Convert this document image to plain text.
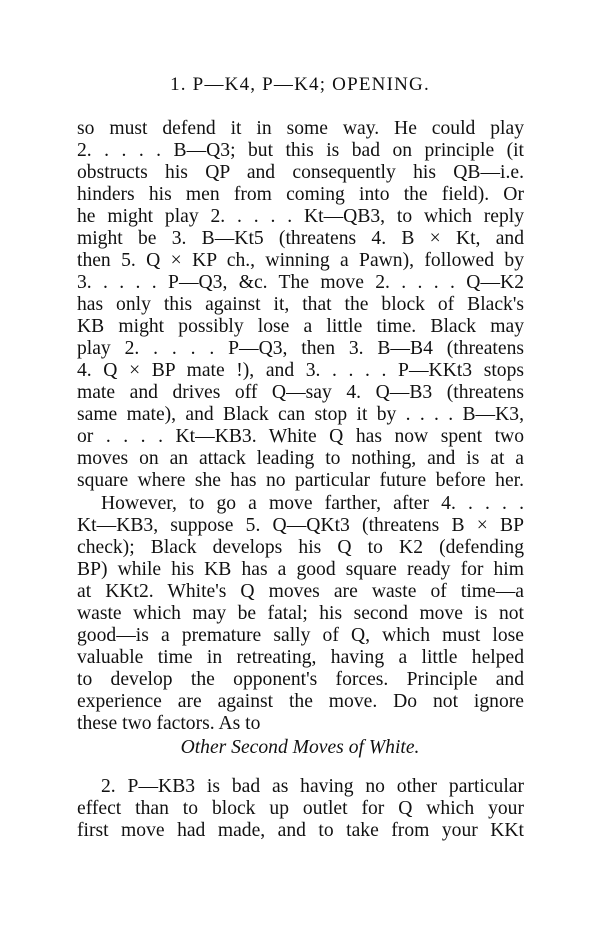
1. P—K4, P—K4; OPENING.
so must defend it in some way. He could play
2. . . . . B—Q3; but this is bad on principle (it
obstructs his QP and consequently his QB—i.e.
hinders his men from coming into the field). Or
he might play 2. . . . . Kt—QB3, to which reply
might be 3. B—Kt5 (threatens 4. B × Kt, and
then 5. Q × KP ch., winning a Pawn), followed by
3. . . . . P—Q3, &c. The move 2. . . . . Q—K2
has only this against it, that the block of Black's
KB might possibly lose a little time. Black may
play 2. . . . . P—Q3, then 3. B—B4 (threatens
4. Q × BP mate !), and 3. . . . . P—KKt3 stops
mate and drives off Q—say 4. Q—B3 (threatens
same mate), and Black can stop it by . . . . B—K3,
or . . . . Kt—KB3. White Q has now spent two
moves on an attack leading to nothing, and is at a
square where she has no particular future before her.
However, to go a move farther, after 4. . . . .
Kt—KB3, suppose 5. Q—QKt3 (threatens B × BP
check); Black develops his Q to K2 (defending
BP) while his KB has a good square ready for him
at KKt2. White's Q moves are waste of time—a
waste which may be fatal; his second move is not
good—is a premature sally of Q, which must lose
valuable time in retreating, having a little helped
to develop the opponent's forces. Principle and
experience are against the move. Do not ignore
these two factors. As to
Other Second Moves of White.
2. P—KB3 is bad as having no other particular
effect than to block up outlet for Q which your
first move had made, and to take from your KKt
